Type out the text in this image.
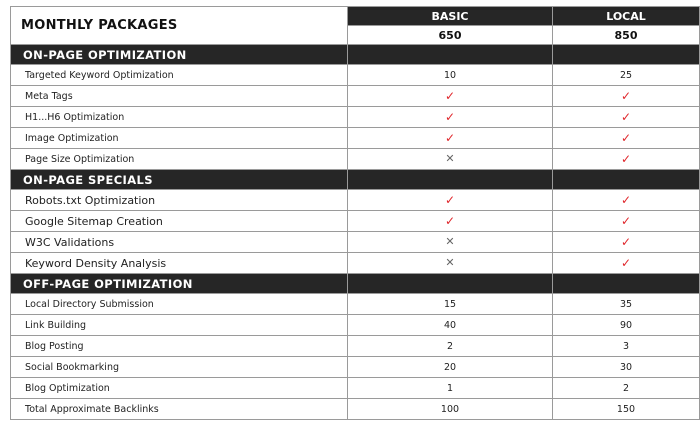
MONTHLY PACKAGES	BASIC	LOCAL
	650	850
ON-PAGE OPTIMIZATION		
Targeted Keyword Optimization	10	25
Meta Tags	✓	✓
H1...H6 Optimization	✓	✓
Image Optimization	✓	✓
Page Size Optimization	✕	✓
ON-PAGE SPECIALS		
Robots.txt Optimization	✓	✓
Google Sitemap Creation	✓	✓
W3C Validations	✕	✓
Keyword Density Analysis	✕	✓
OFF-PAGE OPTIMIZATION		
Local Directory Submission	15	35
Link Building	40	90
Blog Posting	2	3
Social Bookmarking	20	30
Blog Optimization	1	2
Total Approximate Backlinks	100	150
